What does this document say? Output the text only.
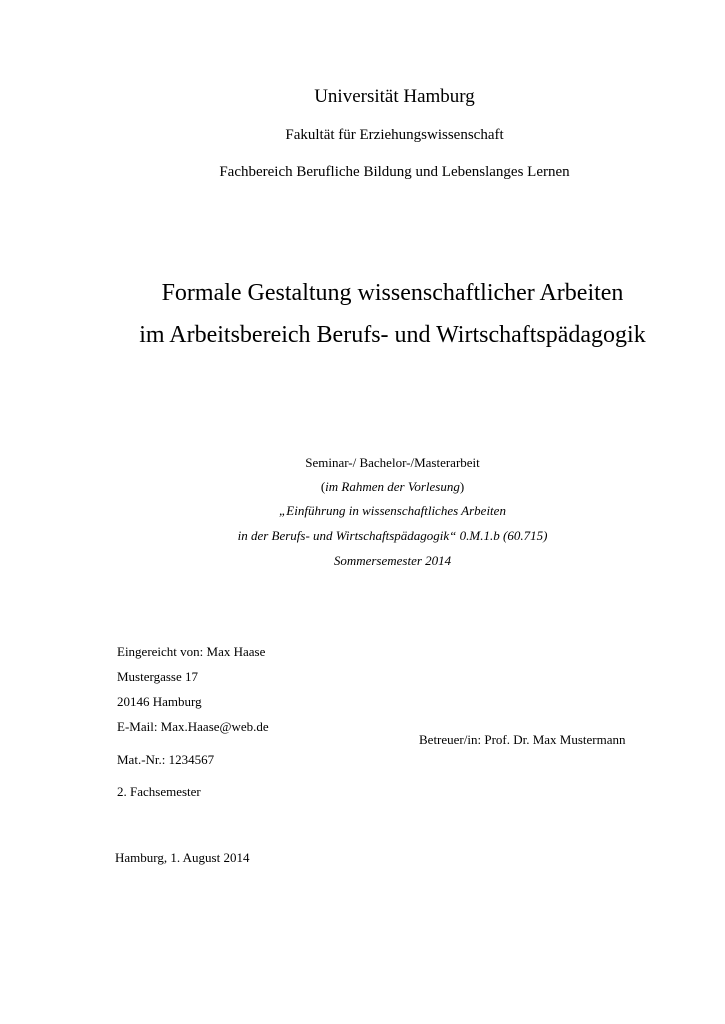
Universität Hamburg
Fakultät für Erziehungswissenschaft
Fachbereich Berufliche Bildung und Lebenslanges Lernen
Formale Gestaltung wissenschaftlicher Arbeiten
im Arbeitsbereich Berufs- und Wirtschaftspädagogik
Seminar-/ Bachelor-/Masterarbeit
(im Rahmen der Vorlesung)
„Einführung in wissenschaftliches Arbeiten
in der Berufs- und Wirtschaftspädagogik“ 0.M.1.b (60.715)
Sommersemester 2014
Eingereicht von: Max Haase
Mustergasse 17
20146 Hamburg
E-Mail: Max.Haase@web.de
Mat.-Nr.: 1234567
2. Fachsemester
Betreuer/in: Prof. Dr. Max Mustermann
Hamburg, 1. August 2014
